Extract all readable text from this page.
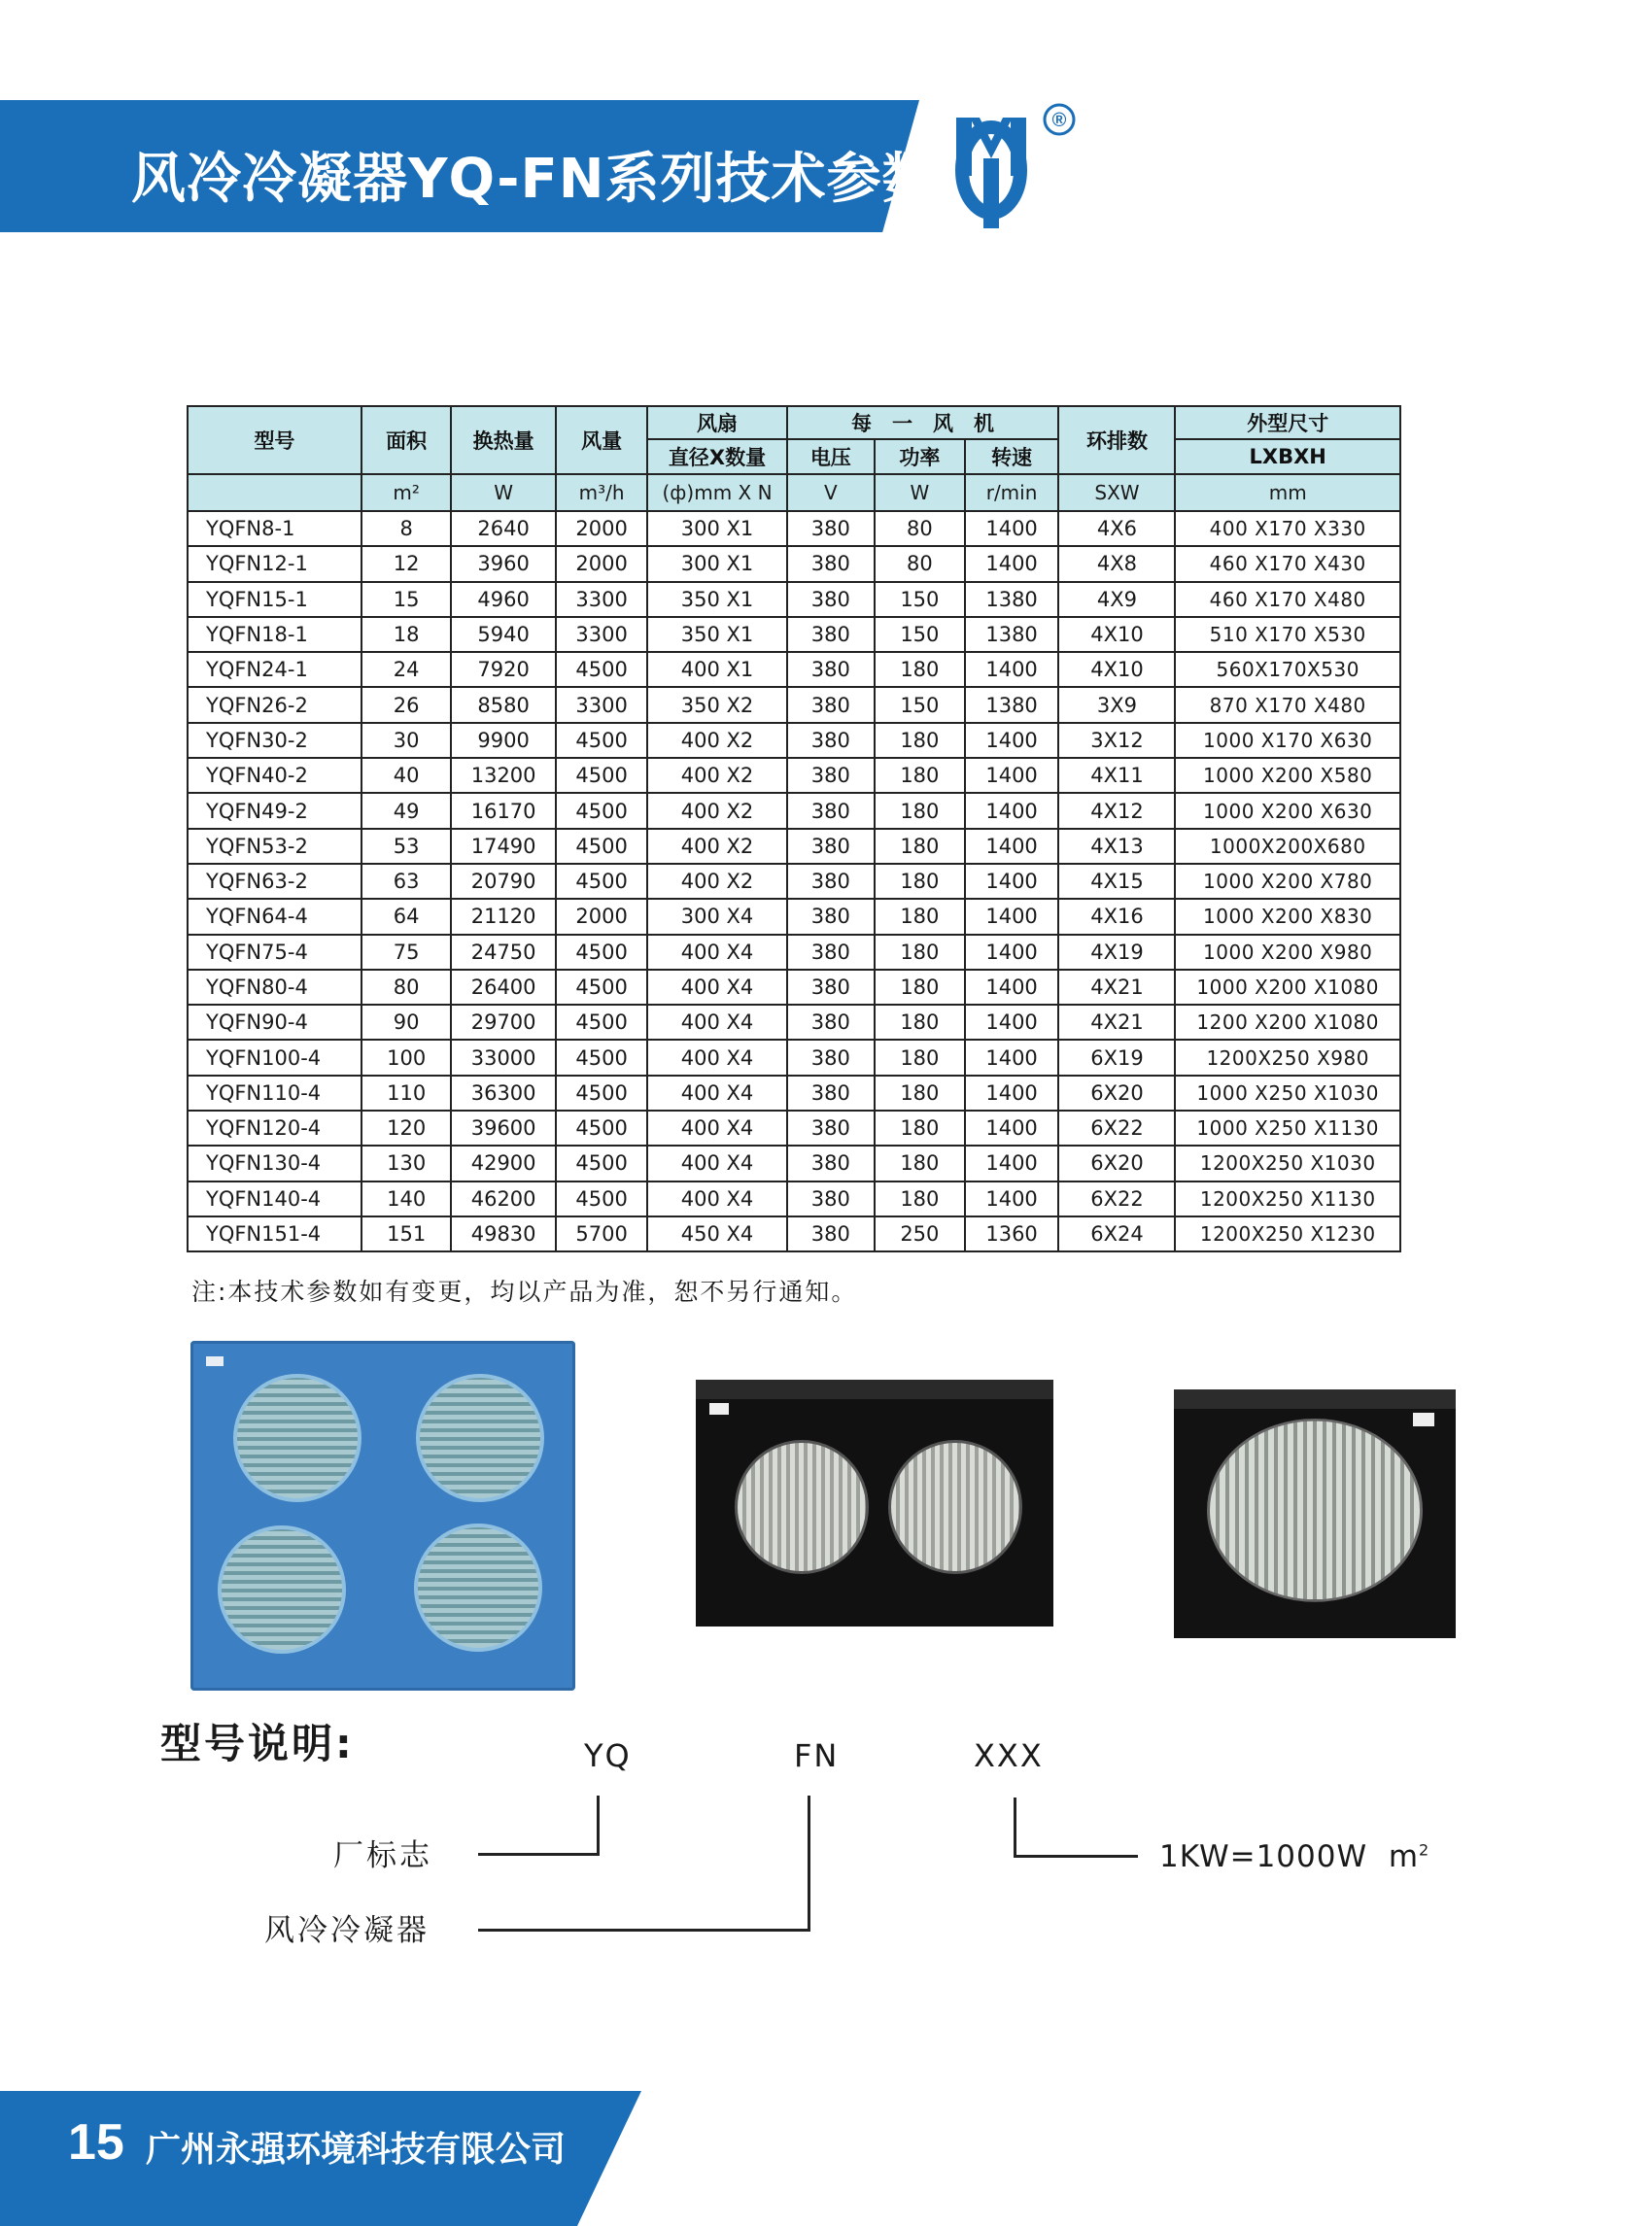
风冷冷凝器YQ-FN系列技术参数
®
型号	面积	换热量	风量	风扇	每　一　风　机			环排数	外型尺寸
				直径X数量	电压	功率	转速		LXBXH
	m²	W	m³/h	(ф)mm X N	V	W	r/min	SXW	mm
YQFN8-1	8	2640	2000	300 X1	380	80	1400	4X6	400 X170 X330
YQFN12-1	12	3960	2000	300 X1	380	80	1400	4X8	460 X170 X430
YQFN15-1	15	4960	3300	350 X1	380	150	1380	4X9	460 X170 X480
YQFN18-1	18	5940	3300	350 X1	380	150	1380	4X10	510 X170 X530
YQFN24-1	24	7920	4500	400 X1	380	180	1400	4X10	560X170X530
YQFN26-2	26	8580	3300	350 X2	380	150	1380	3X9	870 X170 X480
YQFN30-2	30	9900	4500	400 X2	380	180	1400	3X12	1000 X170 X630
YQFN40-2	40	13200	4500	400 X2	380	180	1400	4X11	1000 X200 X580
YQFN49-2	49	16170	4500	400 X2	380	180	1400	4X12	1000 X200 X630
YQFN53-2	53	17490	4500	400 X2	380	180	1400	4X13	1000X200X680
YQFN63-2	63	20790	4500	400 X2	380	180	1400	4X15	1000 X200 X780
YQFN64-4	64	21120	2000	300 X4	380	180	1400	4X16	1000 X200 X830
YQFN75-4	75	24750	4500	400 X4	380	180	1400	4X19	1000 X200 X980
YQFN80-4	80	26400	4500	400 X4	380	180	1400	4X21	1000 X200 X1080
YQFN90-4	90	29700	4500	400 X4	380	180	1400	4X21	1200 X200 X1080
YQFN100-4	100	33000	4500	400 X4	380	180	1400	6X19	1200X250 X980
YQFN110-4	110	36300	4500	400 X4	380	180	1400	6X20	1000 X250 X1030
YQFN120-4	120	39600	4500	400 X4	380	180	1400	6X22	1000 X250 X1130
YQFN130-4	130	42900	4500	400 X4	380	180	1400	6X20	1200X250 X1030
YQFN140-4	140	46200	4500	400 X4	380	180	1400	6X22	1200X250 X1130
YQFN151-4	151	49830	5700	450 X4	380	250	1360	6X24	1200X250 X1230
注:本技术参数如有变更，均以产品为准，恕不另行通知。
型号说明:	YQ	FN	XXX
厂标志
风冷冷凝器
1KW=1000W $m^2$
15 广州永强环境科技有限公司
